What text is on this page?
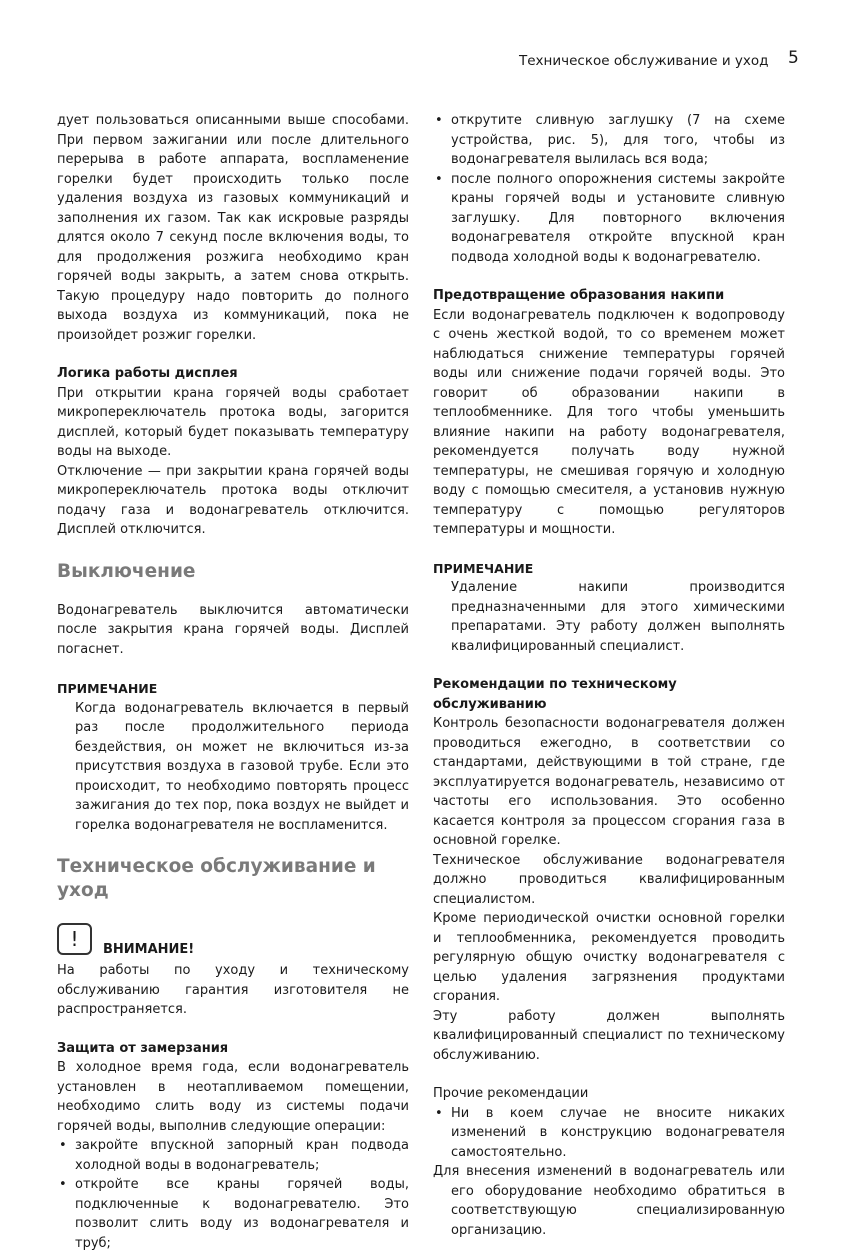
Техническое обслуживание и уход 5

дует пользоваться описанными выше способами. При первом зажигании или после длительного перерыва в работе аппарата, воспламенение горелки будет происходить только после удаления воздуха из газовых коммуникаций и заполнения их газом. Так как искровые разряды длятся около 7 секунд после включения воды, то для продолжения розжига необходимо кран горячей воды закрыть, а затем снова открыть. Такую процедуру надо повторить до полного выхода воздуха из коммуникаций, пока не произойдет розжиг горелки.

Логика работы дисплея

При открытии крана горячей воды сработает микропереключатель протока воды, загорится дисплей, который будет показывать температуру воды на выходе.

Отключение — при закрытии крана горячей воды микропереключатель протока воды отключит подачу газа и водонагреватель отключится. Дисплей отключится.

Выключение

Водонагреватель выключится автоматически после закрытия крана горячей воды. Дисплей погаснет.

ПРИМЕЧАНИЕ

Когда водонагреватель включается в первый раз после продолжительного периода бездействия, он может не включиться из-за присутствия воздуха в газовой трубе. Если это происходит, то необходимо повторять процесс зажигания до тех пор, пока воздух не выйдет и горелка водонагревателя не воспламенится.

Техническое обслуживание и уход

!	ВНИМАНИЕ!

На работы по уходу и техническому обслуживанию гарантия изготовителя не распространяется.

Защита от замерзания

В холодное время года, если водонагреватель установлен в неотапливаемом помещении, необходимо слить воду из системы подачи горячей воды, выполнив следующие операции:

• закройте впускной запорный кран подвода холодной воды в водонагреватель;
• откройте все краны горячей воды, подключенные к водонагревателю. Это позволит слить воду из водонагревателя и труб;
• открутите сливную заглушку (7 на схеме устройства, рис. 5), для того, чтобы из водонагревателя вылилась вся вода;
• после полного опорожнения системы закройте краны горячей воды и установите сливную заглушку. Для повторного включения водонагревателя откройте впускной кран подвода холодной воды к водонагревателю.

Предотвращение образования накипи

Если водонагреватель подключен к водопроводу с очень жесткой водой, то со временем может наблюдаться снижение температуры горячей воды или снижение подачи горячей воды. Это говорит об образовании накипи в теплообменнике. Для того чтобы уменьшить влияние накипи на работу водонагревателя, рекомендуется получать воду нужной температуры, не смешивая горячую и холодную воду с помощью смесителя, а установив нужную температуру с помощью регуляторов температуры и мощности.

ПРИМЕЧАНИЕ

Удаление накипи производится предназначенными для этого химическими препаратами. Эту работу должен выполнять квалифицированный специалист.

Рекомендации по техническому обслуживанию

Контроль безопасности водонагревателя должен проводиться ежегодно, в соответствии со стандартами, действующими в той стране, где эксплуатируется водонагреватель, независимо от частоты его использования. Это особенно касается контроля за процессом сгорания газа в основной горелке.

Техническое обслуживание водонагревателя должно проводиться квалифицированным специалистом.

Кроме периодической очистки основной горелки и теплообменника, рекомендуется проводить регулярную общую очистку водонагревателя с целью удаления загрязнения продуктами сгорания.

Эту работу должен выполнять квалифицированный специалист по техническому обслуживанию.

Прочие рекомендации

• Ни в коем случае не вносите никаких изменений в конструкцию водонагревателя самостоятельно.

Для внесения изменений в водонагреватель или его оборудование необходимо обратиться в соответствующую специализированную организацию.
